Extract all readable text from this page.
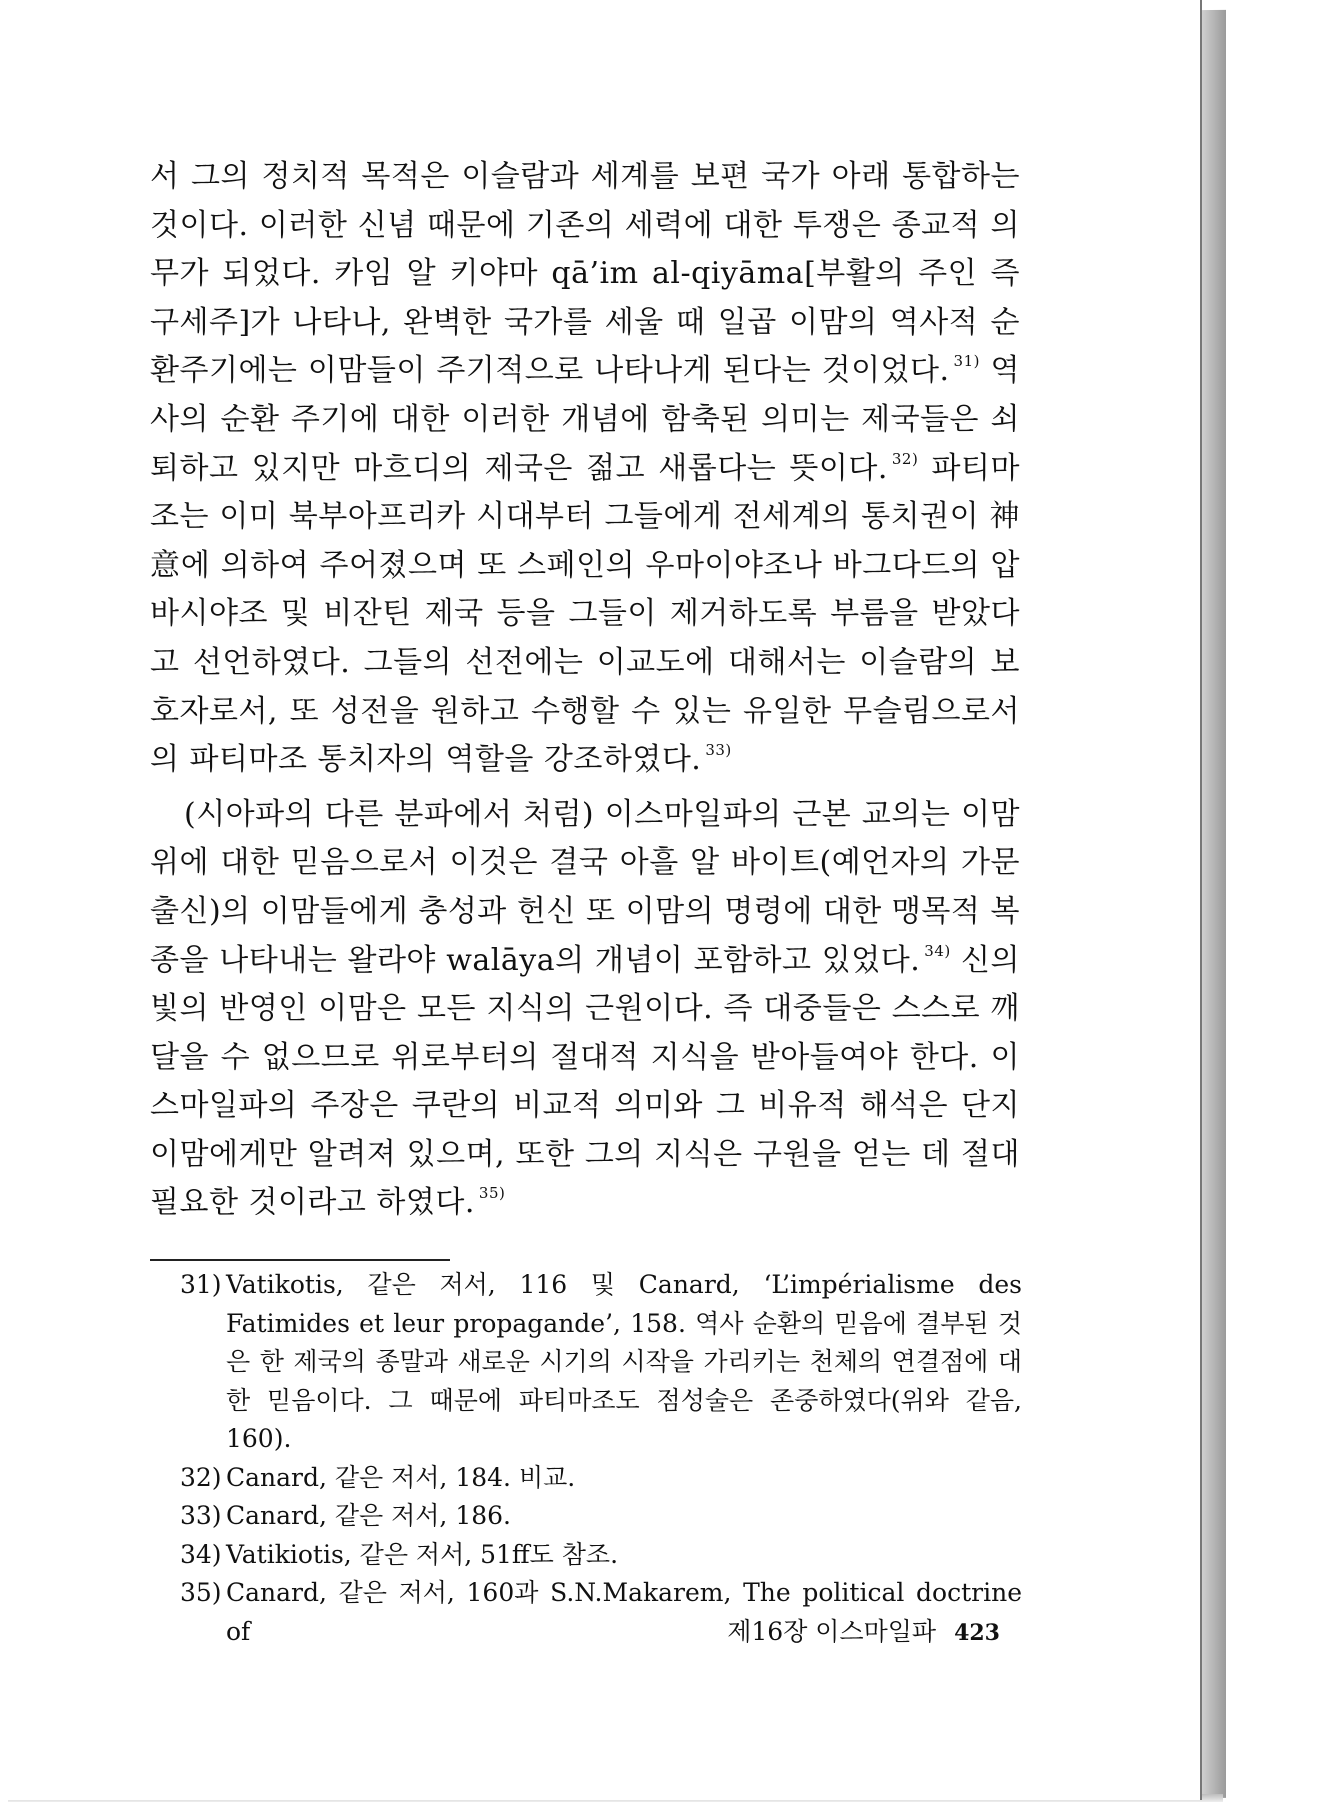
서 그의 정치적 목적은 이슬람과 세계를 보편 국가 아래 통합하는 것이다. 이러한 신념 때문에 기존의 세력에 대한 투쟁은 종교적 의무가 되었다. 카임 알 키야마 qā’im al-qiyāma[부활의 주인 즉 구세주]가 나타나, 완벽한 국가를 세울 때 일곱 이맘의 역사적 순환주기에는 이맘들이 주기적으로 나타나게 된다는 것이었다. $^{31)}$ 역사의 순환 주기에 대한 이러한 개념에 함축된 의미는 제국들은 쇠퇴하고 있지만 마흐디의 제국은 젊고 새롭다는 뜻이다. $^{32)}$ 파티마조는 이미 북부아프리카 시대부터 그들에게 전세계의 통치권이 神意에 의하여 주어졌으며 또 스페인의 우마이야조나 바그다드의 압바시야조 및 비잔틴 제국 등을 그들이 제거하도록 부름을 받았다고 선언하였다. 그들의 선전에는 이교도에 대해서는 이슬람의 보호자로서, 또 성전을 원하고 수행할 수 있는 유일한 무슬림으로서의 파티마조 통치자의 역할을 강조하였다. $^{33)}$

(시아파의 다른 분파에서 처럼) 이스마일파의 근본 교의는 이맘위에 대한 믿음으로서 이것은 결국 아흘 알 바이트(예언자의 가문 출신)의 이맘들에게 충성과 헌신 또 이맘의 명령에 대한 맹목적 복종을 나타내는 왈라야 walāya의 개념이 포함하고 있었다. $^{34)}$ 신의 빛의 반영인 이맘은 모든 지식의 근원이다. 즉 대중들은 스스로 깨달을 수 없으므로 위로부터의 절대적 지식을 받아들여야 한다. 이스마일파의 주장은 쿠란의 비교적 의미와 그 비유적 해석은 단지 이맘에게만 알려져 있으며, 또한 그의 지식은 구원을 얻는 데 절대 필요한 것이라고 하였다. $^{35)}$

31) Vatikotis, 같은 저서, 116 및 Canard, ‘L’impérialisme des Fatimides et leur propagande’, 158. 역사 순환의 믿음에 결부된 것은 한 제국의 종말과 새로운 시기의 시작을 가리키는 천체의 연결점에 대한 믿음이다. 그 때문에 파티마조도 점성술은 존중하였다(위와 같음, 160).
32) Canard, 같은 저서, 184. 비교.
33) Canard, 같은 저서, 186.
34) Vatikiotis, 같은 저서, 51ff도 참조.
35) Canard, 같은 저서, 160과 S.N.Makarem, The political doctrine of	제16장 이스마일파 423
